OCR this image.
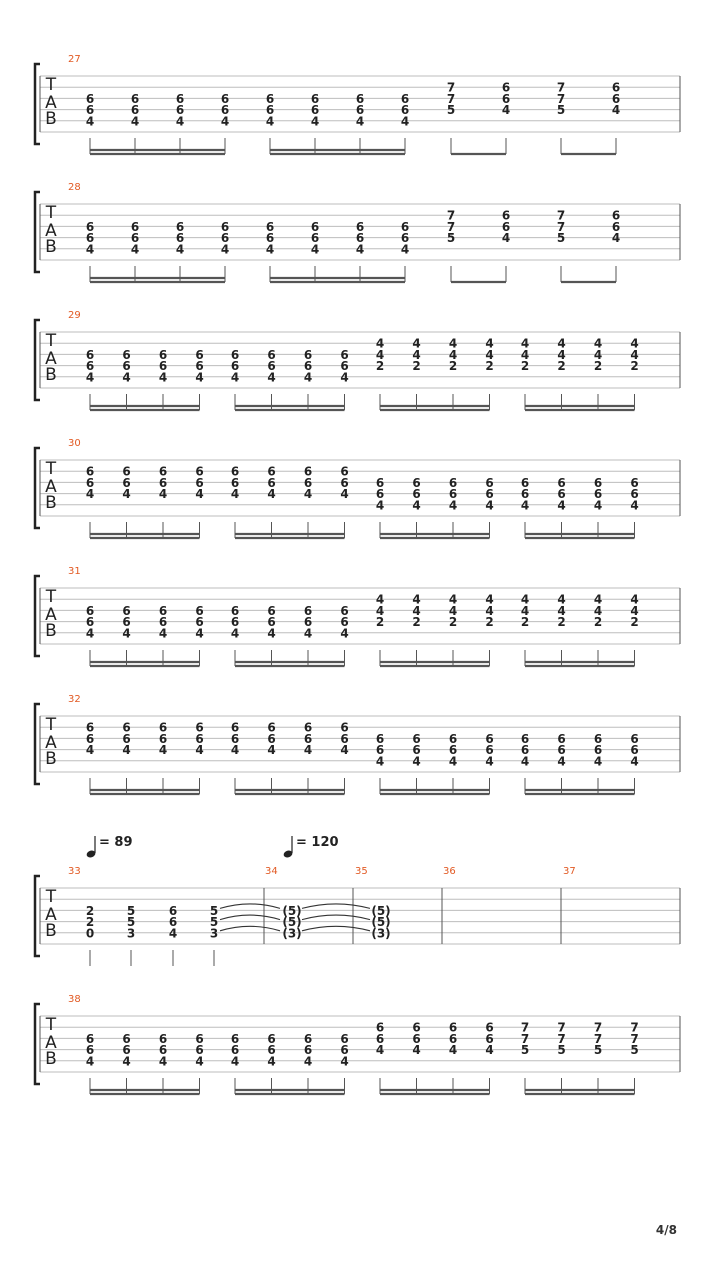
T
A
B
27
6
6
4
6
6
4
6
6
4
6
6
4
6
6
4
6
6
4
6
6
4
6
6
4
7
7
5
6
6
4
7
7
5
6
6
4
T
A
B
28
6
6
4
6
6
4
6
6
4
6
6
4
6
6
4
6
6
4
6
6
4
6
6
4
7
7
5
6
6
4
7
7
5
6
6
4
T
A
B
29
6
6
4
6
6
4
6
6
4
6
6
4
6
6
4
6
6
4
6
6
4
6
6
4
4
4
2
4
4
2
4
4
2
4
4
2
4
4
2
4
4
2
4
4
2
4
4
2
T
A
B
30
6
6
4
6
6
4
6
6
4
6
6
4
6
6
4
6
6
4
6
6
4
6
6
4
6
6
4
6
6
4
6
6
4
6
6
4
6
6
4
6
6
4
6
6
4
6
6
4
T
A
B
31
6
6
4
6
6
4
6
6
4
6
6
4
6
6
4
6
6
4
6
6
4
6
6
4
4
4
2
4
4
2
4
4
2
4
4
2
4
4
2
4
4
2
4
4
2
4
4
2
T
A
B
32
6
6
4
6
6
4
6
6
4
6
6
4
6
6
4
6
6
4
6
6
4
6
6
4
6
6
4
6
6
4
6
6
4
6
6
4
6
6
4
6
6
4
6
6
4
6
6
4
T
A
B
33	34	35	36	37
2
2
0
5
5
3
6
6
4
5
5
3
(5)
(5)
(3)
(5)
(5)
(3)
= 89	= 120
T
A
B
38
6
6
4
6
6
4
6
6
4
6
6
4
6
6
4
6
6
4
6
6
4
6
6
4
6
6
4
6
6
4
6
6
4
6
6
4
7
7
5
7
7
5
7
7
5
7
7
5
4/8
